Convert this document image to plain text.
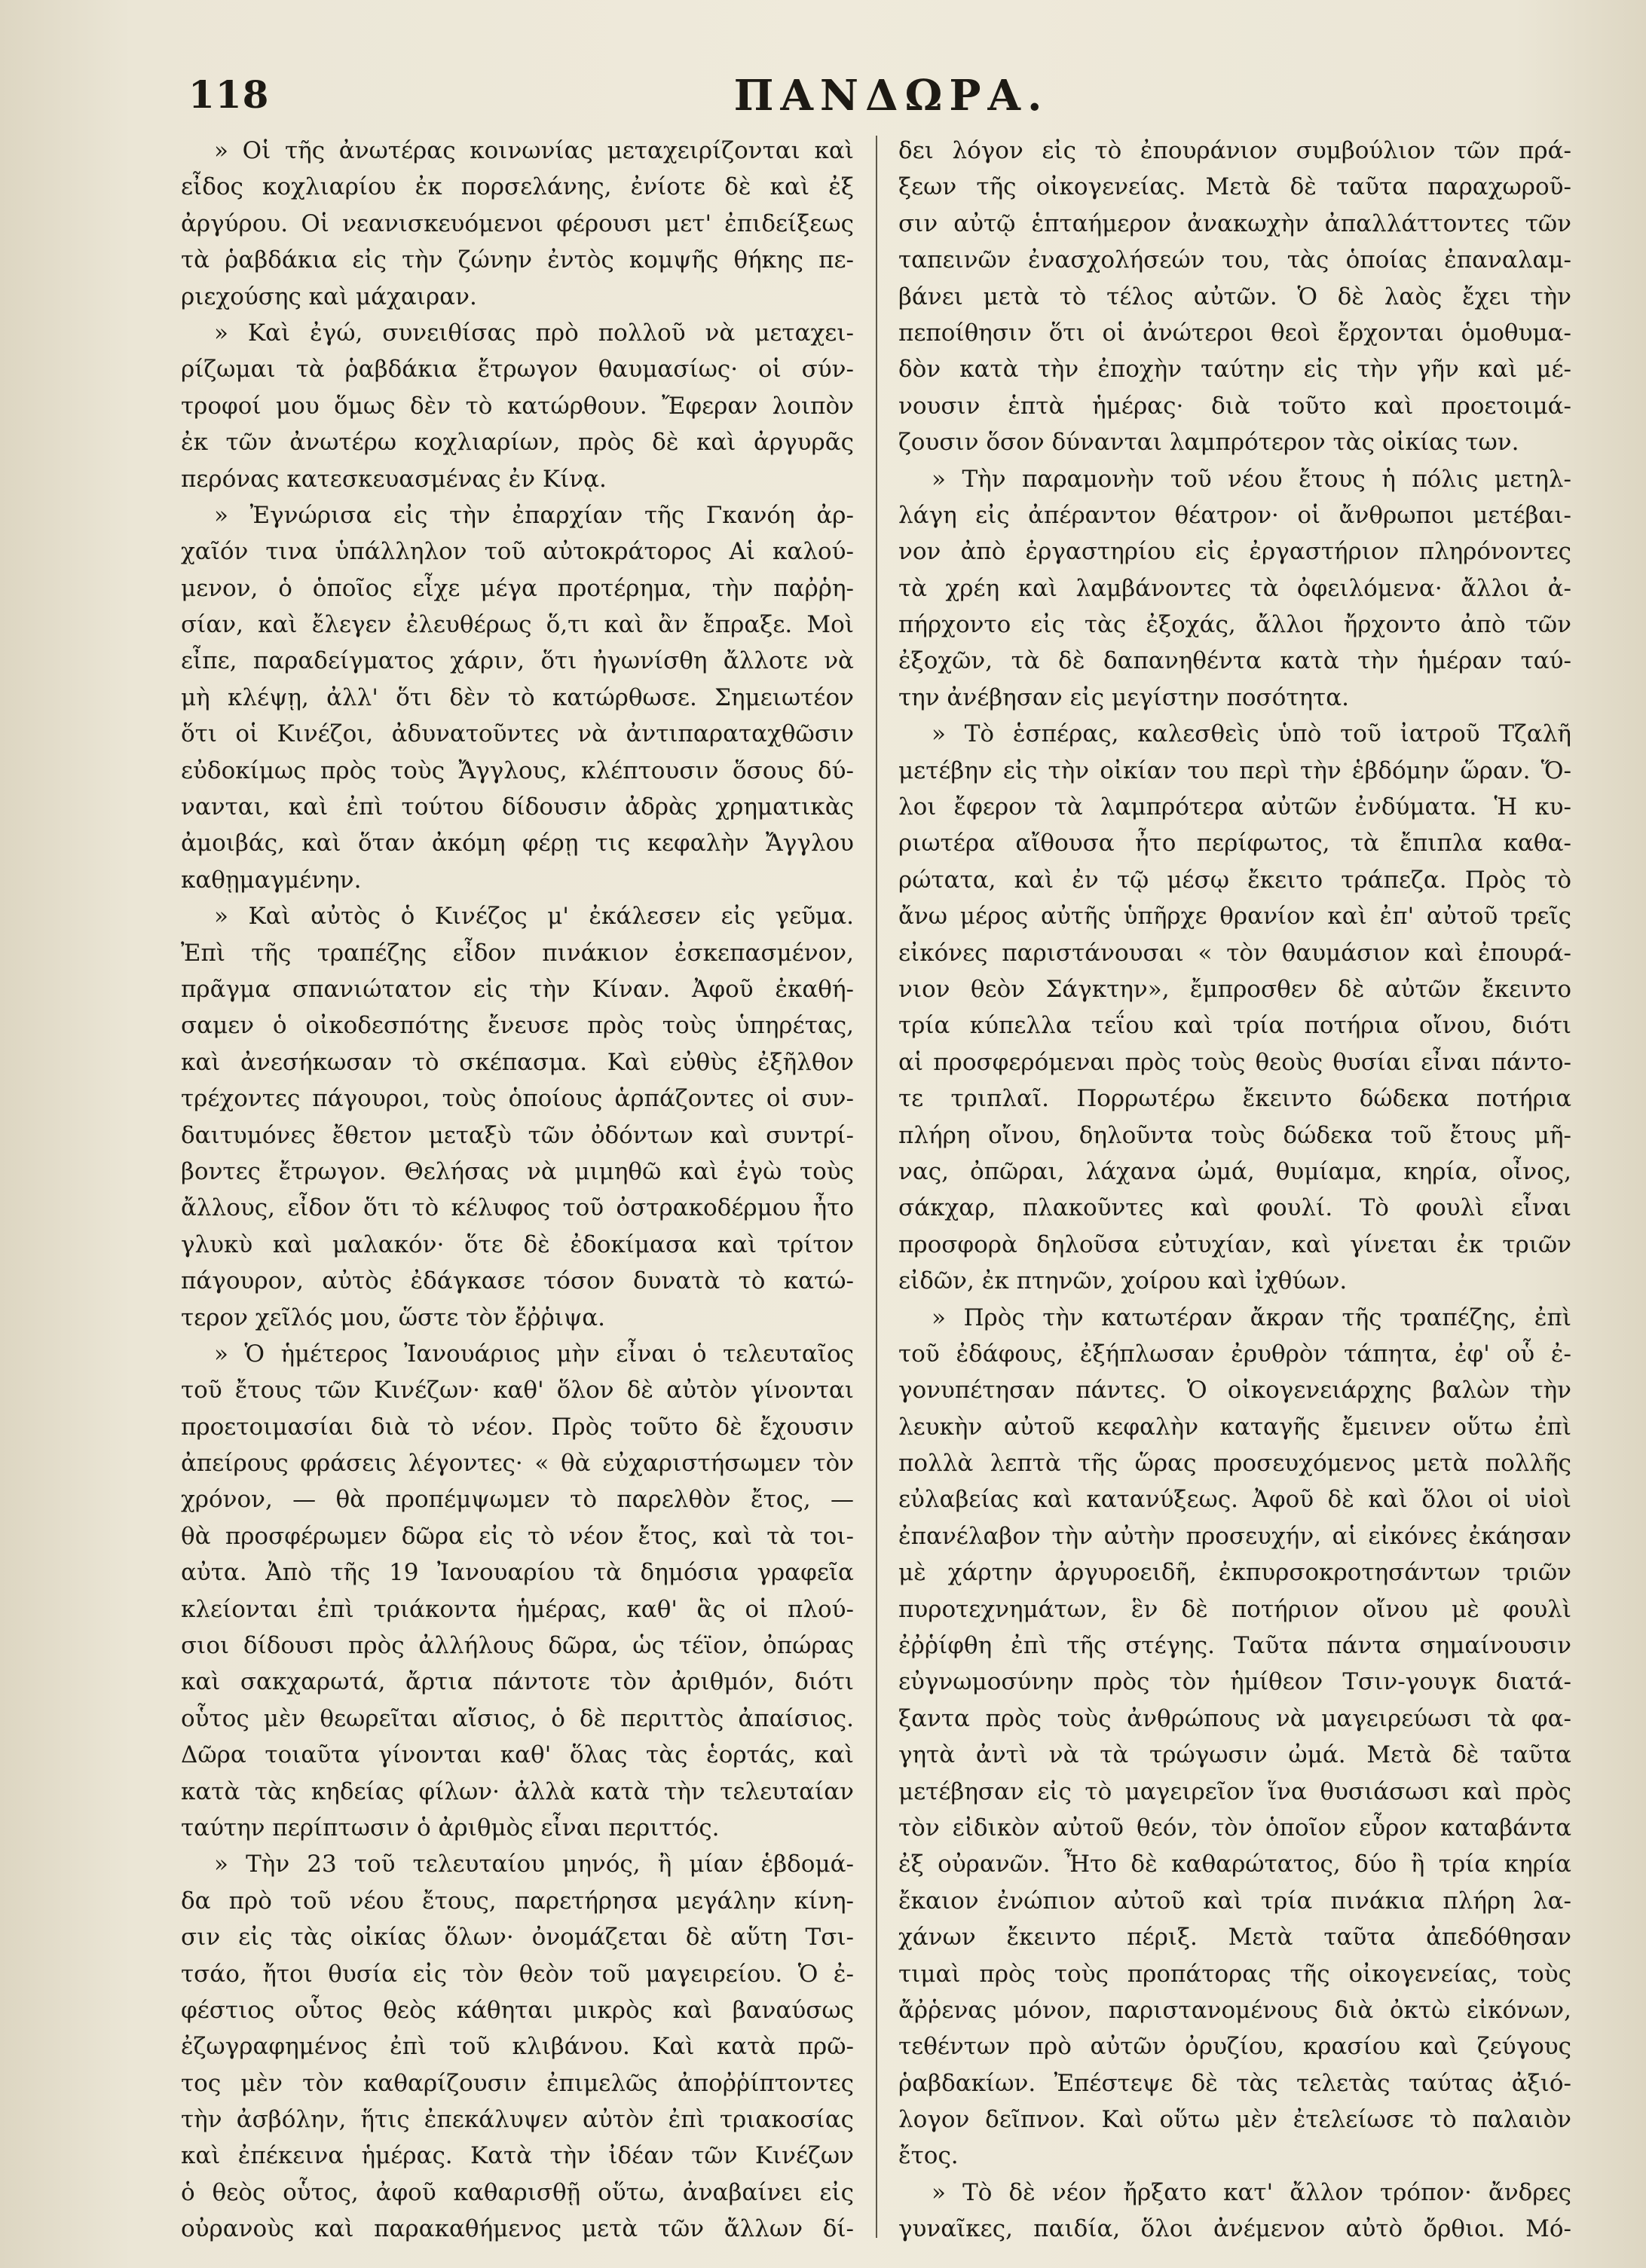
118	ΠΑΝΔΩΡΑ.
» Οἱ τῆς ἀνωτέρας κοινωνίας μεταχειρίζονται καὶ
εἶδος κοχλιαρίου ἐκ πορσελάνης, ἐνίοτε δὲ καὶ ἐξ
ἀργύρου. Οἱ νεανισκευόμενοι φέρουσι μετ' ἐπιδείξεως
τὰ ῥαβδάκια εἰς τὴν ζώνην ἐντὸς κομψῆς θήκης πε-
ριεχούσης καὶ μάχαιραν.
» Καὶ ἐγώ, συνειθίσας πρὸ πολλοῦ νὰ μεταχει-
ρίζωμαι τὰ ῥαβδάκια ἔτρωγον θαυμασίως· οἱ σύν-
τροφοί μου ὅμως δὲν τὸ κατώρθουν. Ἔφεραν λοιπὸν
ἐκ τῶν ἀνωτέρω κοχλιαρίων, πρὸς δὲ καὶ ἀργυρᾶς
περόνας κατεσκευασμένας ἐν Κίνᾳ.
» Ἐγνώρισα εἰς τὴν ἐπαρχίαν τῆς Γκανόη ἀρ-
χαῖόν τινα ὑπάλληλον τοῦ αὐτοκράτορος Αἱ καλού-
μενον, ὁ ὁποῖος εἶχε μέγα προτέρημα, τὴν παῤῥη-
σίαν, καὶ ἔλεγεν ἐλευθέρως ὅ,τι καὶ ἂν ἔπραξε. Μοὶ
εἶπε, παραδείγματος χάριν, ὅτι ἠγωνίσθη ἄλλοτε νὰ
μὴ κλέψῃ, ἀλλ' ὅτι δὲν τὸ κατώρθωσε. Σημειωτέον
ὅτι οἱ Κινέζοι, ἀδυνατοῦντες νὰ ἀντιπαραταχθῶσιν
εὐδοκίμως πρὸς τοὺς Ἄγγλους, κλέπτουσιν ὅσους δύ-
νανται, καὶ ἐπὶ τούτου δίδουσιν ἀδρὰς χρηματικὰς
ἀμοιβάς, καὶ ὅταν ἀκόμη φέρῃ τις κεφαλὴν Ἄγγλου
καθῃμαγμένην.
» Καὶ αὐτὸς ὁ Κινέζος μ' ἐκάλεσεν εἰς γεῦμα.
Ἐπὶ τῆς τραπέζης εἶδον πινάκιον ἐσκεπασμένον,
πρᾶγμα σπανιώτατον εἰς τὴν Κίναν. Ἀφοῦ ἐκαθή-
σαμεν ὁ οἰκοδεσπότης ἔνευσε πρὸς τοὺς ὑπηρέτας,
καὶ ἀνεσήκωσαν τὸ σκέπασμα. Καὶ εὐθὺς ἐξῆλθον
τρέχοντες πάγουροι, τοὺς ὁποίους ἁρπάζοντες οἱ συν-
δαιτυμόνες ἔθετον μεταξὺ τῶν ὀδόντων καὶ συντρί-
βοντες ἔτρωγον. Θελήσας νὰ μιμηθῶ καὶ ἐγὼ τοὺς
ἄλλους, εἶδον ὅτι τὸ κέλυφος τοῦ ὀστρακοδέρμου ἦτο
γλυκὺ καὶ μαλακόν· ὅτε δὲ ἐδοκίμασα καὶ τρίτον
πάγουρον, αὐτὸς ἐδάγκασε τόσον δυνατὰ τὸ κατώ-
τερον χεῖλός μου, ὥστε τὸν ἔῤῥιψα.
» Ὁ ἡμέτερος Ἰανουάριος μὴν εἶναι ὁ τελευταῖος
τοῦ ἔτους τῶν Κινέζων· καθ' ὅλον δὲ αὐτὸν γίνονται
προετοιμασίαι διὰ τὸ νέον. Πρὸς τοῦτο δὲ ἔχουσιν
ἀπείρους φράσεις λέγοντες· « θὰ εὐχαριστήσωμεν τὸν
χρόνον, — θὰ προπέμψωμεν τὸ παρελθὸν ἔτος, —
θὰ προσφέρωμεν δῶρα εἰς τὸ νέον ἔτος, καὶ τὰ τοι-
αὐτα. Ἀπὸ τῆς 19 Ἰανουαρίου τὰ δημόσια γραφεῖα
κλείονται ἐπὶ τριάκοντα ἡμέρας, καθ' ἃς οἱ πλού-
σιοι δίδουσι πρὸς ἀλλήλους δῶρα, ὡς τέϊον, ὀπώρας
καὶ σακχαρωτά, ἄρτια πάντοτε τὸν ἀριθμόν, διότι
οὗτος μὲν θεωρεῖται αἴσιος, ὁ δὲ περιττὸς ἀπαίσιος.
Δῶρα τοιαῦτα γίνονται καθ' ὅλας τὰς ἑορτάς, καὶ
κατὰ τὰς κηδείας φίλων· ἀλλὰ κατὰ τὴν τελευταίαν
ταύτην περίπτωσιν ὁ ἀριθμὸς εἶναι περιττός.
» Τὴν 23 τοῦ τελευταίου μηνός, ἢ μίαν ἑβδομά-
δα πρὸ τοῦ νέου ἔτους, παρετήρησα μεγάλην κίνη-
σιν εἰς τὰς οἰκίας ὅλων· ὀνομάζεται δὲ αὕτη Τσι-
τσάο, ἤτοι θυσία εἰς τὸν θεὸν τοῦ μαγειρείου. Ὁ ἐ-
φέστιος οὗτος θεὸς κάθηται μικρὸς καὶ βαναύσως
ἐζωγραφημένος ἐπὶ τοῦ κλιβάνου. Καὶ κατὰ πρῶ-
τος μὲν τὸν καθαρίζουσιν ἐπιμελῶς ἀποῤῥίπτοντες
τὴν ἀσβόλην, ἥτις ἐπεκάλυψεν αὐτὸν ἐπὶ τριακοσίας
καὶ ἐπέκεινα ἡμέρας. Κατὰ τὴν ἰδέαν τῶν Κινέζων
ὁ θεὸς οὗτος, ἀφοῦ καθαρισθῇ οὕτω, ἀναβαίνει εἰς
οὐρανοὺς καὶ παρακαθήμενος μετὰ τῶν ἄλλων δί-
δει λόγον εἰς τὸ ἐπουράνιον συμβούλιον τῶν πρά-
ξεων τῆς οἰκογενείας. Μετὰ δὲ ταῦτα παραχωροῦ-
σιν αὐτῷ ἑπταήμερον ἀνακωχὴν ἀπαλλάττοντες τῶν
ταπεινῶν ἐνασχολήσεών του, τὰς ὁποίας ἐπαναλαμ-
βάνει μετὰ τὸ τέλος αὐτῶν. Ὁ δὲ λαὸς ἔχει τὴν
πεποίθησιν ὅτι οἱ ἀνώτεροι θεοὶ ἔρχονται ὁμοθυμα-
δὸν κατὰ τὴν ἐποχὴν ταύτην εἰς τὴν γῆν καὶ μέ-
νουσιν ἑπτὰ ἡμέρας· διὰ τοῦτο καὶ προετοιμά-
ζουσιν ὅσον δύνανται λαμπρότερον τὰς οἰκίας των.
» Τὴν παραμονὴν τοῦ νέου ἔτους ἡ πόλις μετηλ-
λάγη εἰς ἀπέραντον θέατρον· οἱ ἄνθρωποι μετέβαι-
νον ἀπὸ ἐργαστηρίου εἰς ἐργαστήριον πληρόνοντες
τὰ χρέη καὶ λαμβάνοντες τὰ ὀφειλόμενα· ἄλλοι ἀ-
πήρχοντο εἰς τὰς ἐξοχάς, ἄλλοι ἤρχοντο ἀπὸ τῶν
ἐξοχῶν, τὰ δὲ δαπανηθέντα κατὰ τὴν ἡμέραν ταύ-
την ἀνέβησαν εἰς μεγίστην ποσότητα.
» Τὸ ἑσπέρας, καλεσθεὶς ὑπὸ τοῦ ἰατροῦ Τζαλῆ
μετέβην εἰς τὴν οἰκίαν του περὶ τὴν ἑβδόμην ὥραν. Ὅ-
λοι ἔφερον τὰ λαμπρότερα αὐτῶν ἐνδύματα. Ἡ κυ-
ριωτέρα αἴθουσα ἦτο περίφωτος, τὰ ἔπιπλα καθα-
ρώτατα, καὶ ἐν τῷ μέσῳ ἔκειτο τράπεζα. Πρὸς τὸ
ἄνω μέρος αὐτῆς ὑπῆρχε θρανίον καὶ ἐπ' αὐτοῦ τρεῖς
εἰκόνες παριστάνουσαι « τὸν θαυμάσιον καὶ ἐπουρά-
νιον θεὸν Σάγκτην», ἔμπροσθεν δὲ αὐτῶν ἔκειντο
τρία κύπελλα τεΐου καὶ τρία ποτήρια οἴνου, διότι
αἱ προσφερόμεναι πρὸς τοὺς θεοὺς θυσίαι εἶναι πάντο-
τε τριπλαῖ. Πορρωτέρω ἔκειντο δώδεκα ποτήρια
πλήρη οἴνου, δηλοῦντα τοὺς δώδεκα τοῦ ἔτους μῆ-
νας, ὀπῶραι, λάχανα ὠμά, θυμίαμα, κηρία, οἶνος,
σάκχαρ, πλακοῦντες καὶ φουλί. Τὸ φουλὶ εἶναι
προσφορὰ δηλοῦσα εὐτυχίαν, καὶ γίνεται ἐκ τριῶν
εἰδῶν, ἐκ πτηνῶν, χοίρου καὶ ἰχθύων.
» Πρὸς τὴν κατωτέραν ἄκραν τῆς τραπέζης, ἐπὶ
τοῦ ἐδάφους, ἐξήπλωσαν ἐρυθρὸν τάπητα, ἐφ' οὗ ἐ-
γονυπέτησαν πάντες. Ὁ οἰκογενειάρχης βαλὼν τὴν
λευκὴν αὐτοῦ κεφαλὴν καταγῆς ἔμεινεν οὕτω ἐπὶ
πολλὰ λεπτὰ τῆς ὥρας προσευχόμενος μετὰ πολλῆς
εὐλαβείας καὶ κατανύξεως. Ἀφοῦ δὲ καὶ ὅλοι οἱ υἱοὶ
ἐπανέλαβον τὴν αὐτὴν προσευχήν, αἱ εἰκόνες ἐκάησαν
μὲ χάρτην ἀργυροειδῆ, ἐκπυρσοκροτησάντων τριῶν
πυροτεχνημάτων, ἓν δὲ ποτήριον οἴνου μὲ φουλὶ
ἐῤῥίφθη ἐπὶ τῆς στέγης. Ταῦτα πάντα σημαίνουσιν
εὐγνωμοσύνην πρὸς τὸν ἡμίθεον Τσιν-γουγκ διατά-
ξαντα πρὸς τοὺς ἀνθρώπους νὰ μαγειρεύωσι τὰ φα-
γητὰ ἀντὶ νὰ τὰ τρώγωσιν ὠμά. Μετὰ δὲ ταῦτα
μετέβησαν εἰς τὸ μαγειρεῖον ἵνα θυσιάσωσι καὶ πρὸς
τὸν εἰδικὸν αὐτοῦ θεόν, τὸν ὁποῖον εὗρον καταβάντα
ἐξ οὐρανῶν. Ἦτο δὲ καθαρώτατος, δύο ἢ τρία κηρία
ἔκαιον ἐνώπιον αὐτοῦ καὶ τρία πινάκια πλήρη λα-
χάνων ἔκειντο πέριξ. Μετὰ ταῦτα ἀπεδόθησαν
τιμαὶ πρὸς τοὺς προπάτορας τῆς οἰκογενείας, τοὺς
ἄῤῥενας μόνον, παριστανομένους διὰ ὀκτὼ εἰκόνων,
τεθέντων πρὸ αὐτῶν ὀρυζίου, κρασίου καὶ ζεύγους
ῥαβδακίων. Ἐπέστεψε δὲ τὰς τελετὰς ταύτας ἀξιό-
λογον δεῖπνον. Καὶ οὕτω μὲν ἐτελείωσε τὸ παλαιὸν
ἔτος.
» Τὸ δὲ νέον ἤρξατο κατ' ἄλλον τρόπον· ἄνδρες
γυναῖκες, παιδία, ὅλοι ἀνέμενον αὐτὸ ὄρθιοι. Μό-
